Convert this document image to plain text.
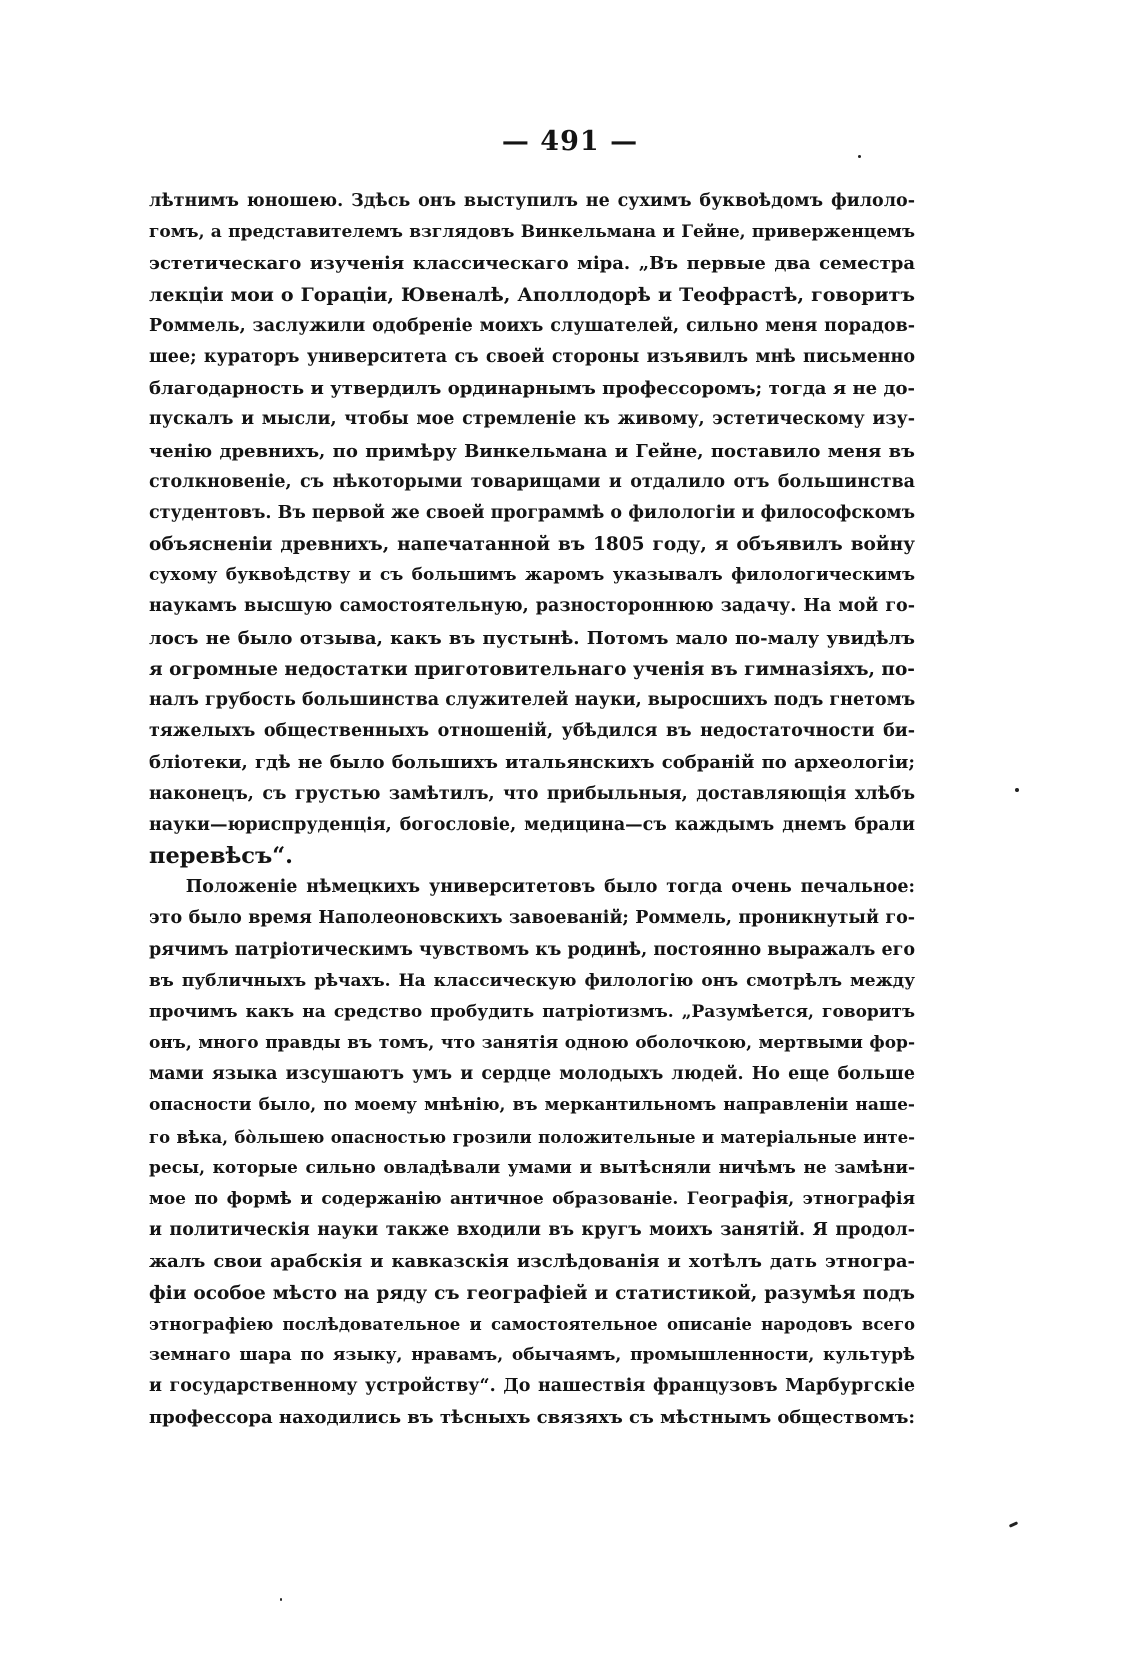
— 491 —
лѣтнимъ юношею. Здѣсь онъ выступилъ не сухимъ буквоѣдомъ филоло-
гомъ, а представителемъ взглядовъ Винкельмана и Гейне, приверженцемъ
эстетическаго изученія классическаго міра. „Въ первые два семестра
лекціи мои о Гораціи, Ювеналѣ, Аполлодорѣ и Теофрастѣ, говоритъ
Роммель, заслужили одобреніе моихъ слушателей, сильно меня порадов-
шее; кураторъ университета съ своей стороны изъявилъ мнѣ письменно
благодарность и утвердилъ ординарнымъ профессоромъ; тогда я не до-
пускалъ и мысли, чтобы мое стремленіе къ живому, эстетическому изу-
ченію древнихъ, по примѣру Винкельмана и Гейне, поставило меня въ
столкновеніе, съ нѣкоторыми товарищами и отдалило отъ большинства
студентовъ. Въ первой же своей программѣ о филологіи и философскомъ
объясненіи древнихъ, напечатанной въ 1805 году, я объявилъ войну
сухому буквоѣдству и съ большимъ жаромъ указывалъ филологическимъ
наукамъ высшую самостоятельную, разностороннюю задачу. На мой го-
лосъ не было отзыва, какъ въ пустынѣ. Потомъ мало по-малу увидѣлъ
я огромные недостатки приготовительнаго ученія въ гимназіяхъ, по-
налъ грубость большинства служителей науки, выросшихъ подъ гнетомъ
тяжелыхъ общественныхъ отношеній, убѣдился въ недостаточности би-
бліотеки, гдѣ не было большихъ итальянскихъ собраній по археологіи;
наконецъ, съ грустью замѣтилъ, что прибыльныя, доставляющія хлѣбъ
науки—юриспруденція, богословіе, медицина—съ каждымъ днемъ брали
перевѣсъ“.
Положеніе нѣмецкихъ университетовъ было тогда очень печальное:
это было время Наполеоновскихъ завоеваній; Роммель, проникнутый го-
рячимъ патріотическимъ чувствомъ къ родинѣ, постоянно выражалъ его
въ публичныхъ рѣчахъ. На классическую филологію онъ смотрѣлъ между
прочимъ какъ на средство пробудить патріотизмъ. „Разумѣется, говоритъ
онъ, много правды въ томъ, что занятія одною оболочкою, мертвыми фор-
мами языка изсушаютъ умъ и сердце молодыхъ людей. Но еще больше
опасности было, по моему мнѣнію, въ меркантильномъ направленіи нашe-
го вѣка, бо̀льшею опасностью грозили положительные и матеріальные инте-
ресы, которые сильно овладѣвали умами и вытѣсняли ничѣмъ не замѣни-
мое по формѣ и содержанію античное образованіе. Географія, этнографія
и политическія науки также входили въ кругъ моихъ занятій. Я продол-
жалъ свои арабскія и кавказскія изслѣдованія и хотѣлъ дать этногра-
фіи особое мѣсто на ряду съ географіей и статистикой, разумѣя подъ
этнографіею послѣдовательное и самостоятельное описаніе народовъ всего
земнаго шара по языку, нравамъ, обычаямъ, промышленности, культурѣ
и государственному устройству“. До нашествія французовъ Марбургскіе
профессора находились въ тѣсныхъ связяхъ съ мѣстнымъ обществомъ:
